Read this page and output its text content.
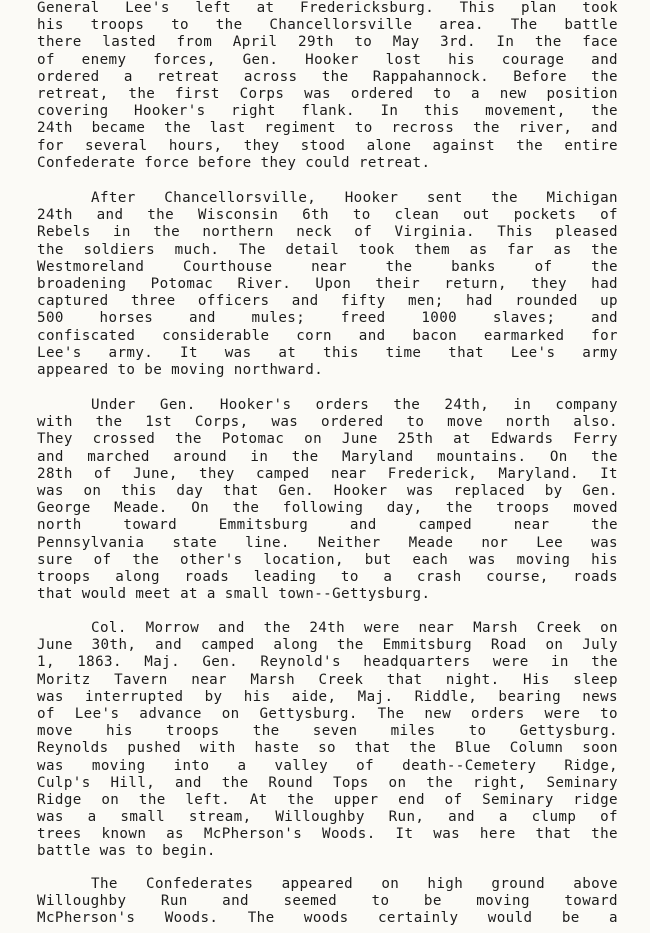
General Lee's left at Fredericksburg. This plan took
his troops to the Chancellorsville area. The battle
there lasted from April 29th to May 3rd. In the face
of enemy forces, Gen. Hooker lost his courage and
ordered a retreat across the Rappahannock. Before the
retreat, the first Corps was ordered to a new position
covering Hooker's right flank. In this movement, the
24th became the last regiment to recross the river, and
for several hours, they stood alone against the entire
Confederate force before they could retreat.
After Chancellorsville, Hooker sent the Michigan
24th and the Wisconsin 6th to clean out pockets of
Rebels in the northern neck of Virginia. This pleased
the soldiers much. The detail took them as far as the
Westmoreland Courthouse near the banks of the
broadening Potomac River. Upon their return, they had
captured three officers and fifty men; had rounded up
500 horses and mules; freed 1000 slaves; and
confiscated considerable corn and bacon earmarked for
Lee's army. It was at this time that Lee's army
appeared to be moving northward.
Under Gen. Hooker's orders the 24th, in company
with the 1st Corps, was ordered to move north also.
They crossed the Potomac on June 25th at Edwards Ferry
and marched around in the Maryland mountains. On the
28th of June, they camped near Frederick, Maryland. It
was on this day that Gen. Hooker was replaced by Gen.
George Meade. On the following day, the troops moved
north toward Emmitsburg and camped near the
Pennsylvania state line. Neither Meade nor Lee was
sure of the other's location, but each was moving his
troops along roads leading to a crash course, roads
that would meet at a small town--Gettysburg.
Col. Morrow and the 24th were near Marsh Creek on
June 30th, and camped along the Emmitsburg Road on July
1, 1863. Maj. Gen. Reynold's headquarters were in the
Moritz Tavern near Marsh Creek that night. His sleep
was interrupted by his aide, Maj. Riddle, bearing news
of Lee's advance on Gettysburg. The new orders were to
move his troops the seven miles to Gettysburg.
Reynolds pushed with haste so that the Blue Column soon
was moving into a valley of death--Cemetery Ridge,
Culp's Hill, and the Round Tops on the right, Seminary
Ridge on the left. At the upper end of Seminary ridge
was a small stream, Willoughby Run, and a clump of
trees known as McPherson's Woods. It was here that the
battle was to begin.
The Confederates appeared on high ground above
Willoughby Run and seemed to be moving toward
McPherson's Woods. The woods certainly would be a
